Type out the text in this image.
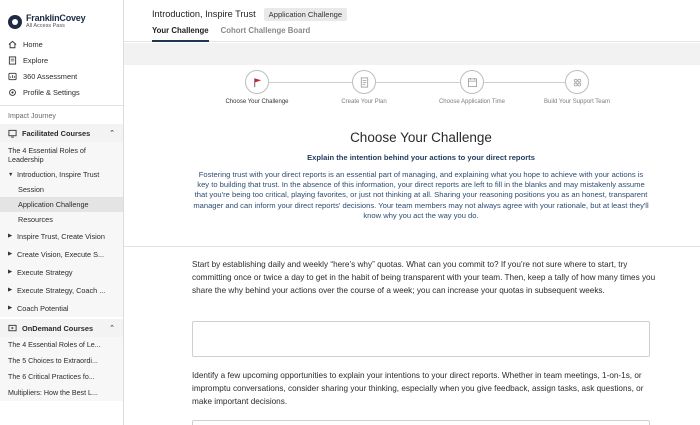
FranklinCovey
All Access Pass
Home
Explore
360 Assessment
Profile & Settings
Impact Journey
Facilitated Courses	⌃
The 4 Essential Roles of Leadership
▼ Introduction, Inspire Trust
Session
Application Challenge
Resources
▶ Inspire Trust, Create Vision
▶ Create Vision, Execute S...
▶ Execute Strategy
▶ Execute Strategy, Coach ...
▶ Coach Potential
OnDemand Courses ⌃
The 4 Essential Roles of Le...
The 5 Choices to Extraordi...
The 6 Critical Practices fo...
Multipliers: How the Best L...
Introduction, Inspire Trust	Application Challenge
Your Challenge Cohort Challenge Board
Choose Your Challenge	Create Your Plan	Choose Application Time	Build Your Support Team
Choose Your Challenge
Explain the intention behind your actions to your direct reports
Fostering trust with your direct reports is an essential part of managing, and explaining what you hope to achieve with your actions is key to building that trust. In the absence of this information, your direct reports are left to fill in the blanks and may mistakenly assume that you're being too critical, playing favorites, or just not thinking at all. Sharing your reasoning positions you as an honest, transparent manager and can inform your direct reports' decisions. Your team members may not always agree with your rationale, but at least they'll know why you act the way you do.
Start by establishing daily and weekly “here’s why” quotas. What can you commit to? If you’re not sure where to start, try committing once or twice a day to get in the habit of being transparent with your team. Then, keep a tally of how many times you share the why behind your actions over the course of a week; you can increase your quotas in subsequent weeks.
Identify a few upcoming opportunities to explain your intentions to your direct reports. Whether in team meetings, 1-on-1s, or impromptu conversations, consider sharing your thinking, especially when you give feedback, assign tasks, ask questions, or make important decisions.
